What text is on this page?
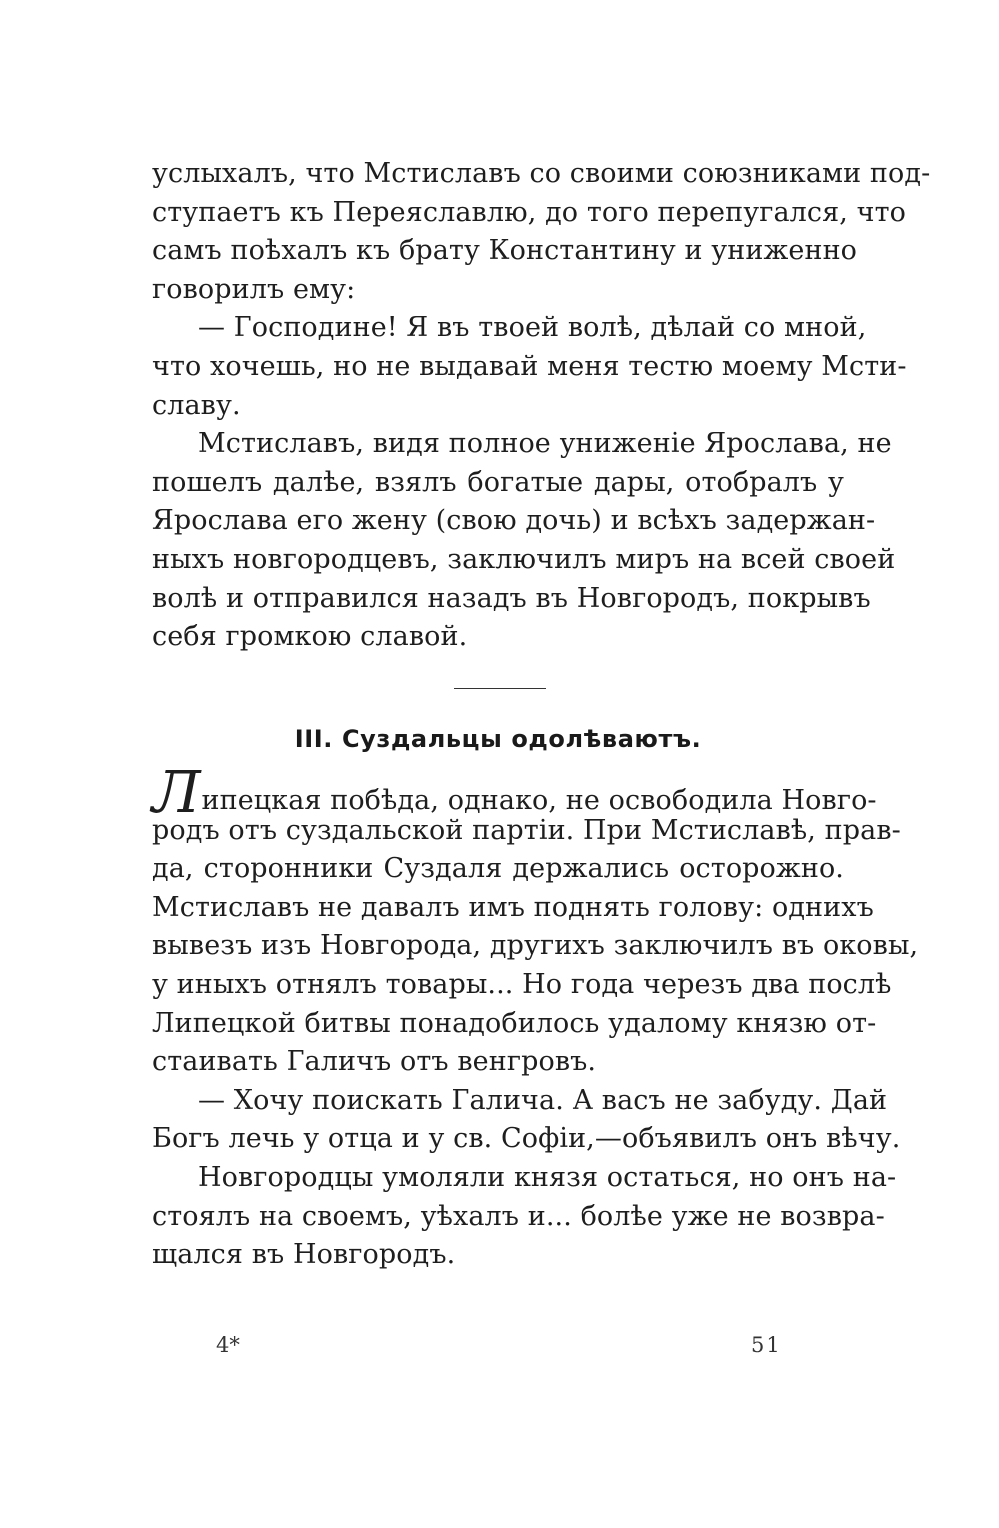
услыхалъ, что Мстиславъ со своими союзниками под-
ступаетъ къ Переяславлю, до того перепугался, что
самъ поѣхалъ къ брату Константину и униженно
говорилъ ему:
— Господине! Я въ твоей волѣ, дѣлай со мной,
что хочешь, но не выдавай меня тестю моему Мсти-
славу.
Мстиславъ, видя полное униженіе Ярослава, не
пошелъ далѣе, взялъ богатые дары, отобралъ у
Ярослава его жену (свою дочь) и всѣхъ задержан-
ныхъ новгородцевъ, заключилъ миръ на всей своей
волѣ и отправился назадъ въ Новгородъ, покрывъ
себя громкою славой.
III. Суздальцы одолѣваютъ.
Липецкая побѣда, однако, не освободила Новго-
родъ отъ суздальской партіи. При Мстиславѣ, прав-
да, сторонники Суздаля держались осторожно.
Мстиславъ не давалъ имъ поднять голову: однихъ
вывезъ изъ Новгорода, другихъ заключилъ въ оковы,
у иныхъ отнялъ товары... Но года черезъ два послѣ
Липецкой битвы понадобилось удалому князю от-
стаивать Галичъ отъ венгровъ.
— Хочу поискать Галича. А васъ не забуду. Дай
Богъ лечь у отца и у св. Софіи,—объявилъ онъ вѣчу.
Новгородцы умоляли князя остаться, но онъ на-
стоялъ на своемъ, уѣхалъ и... болѣе уже не возвра-
щался въ Новгородъ.
4*	51
